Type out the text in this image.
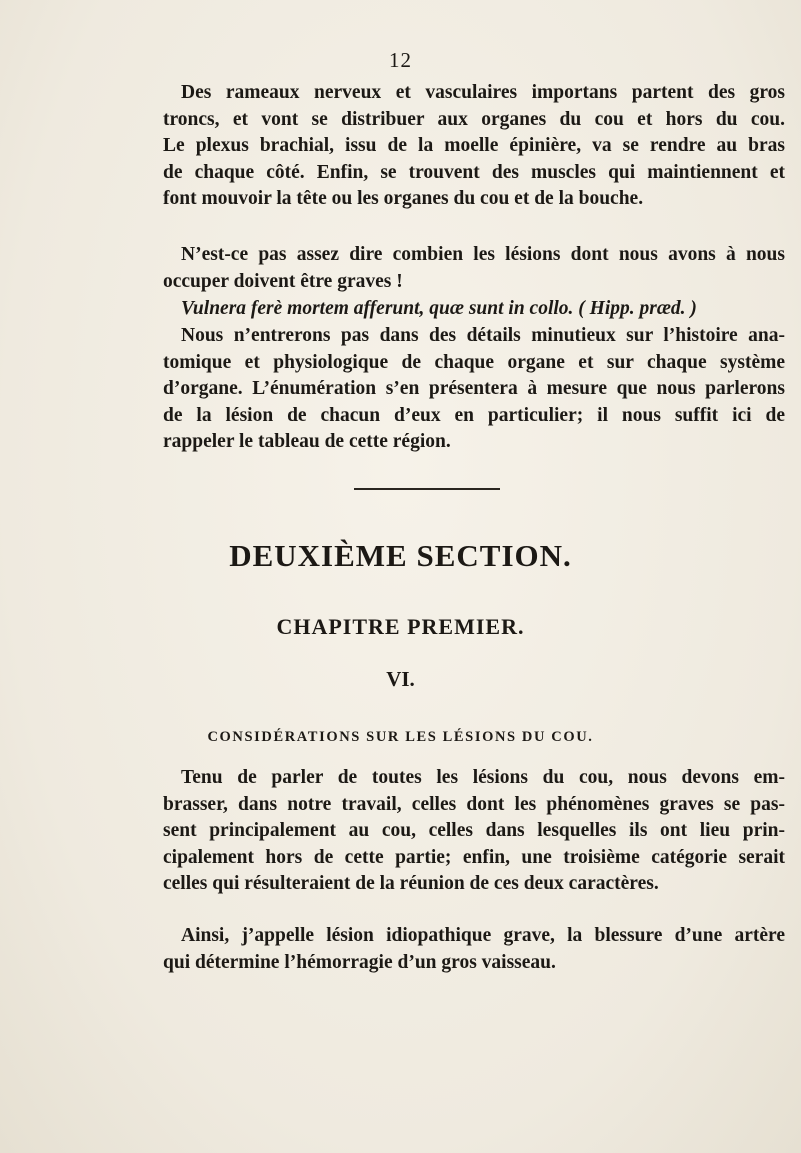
12
Des rameaux nerveux et vasculaires importans partent des gros
troncs, et vont se distribuer aux organes du cou et hors du cou.
Le plexus brachial, issu de la moelle épinière, va se rendre au bras
de chaque côté. Enfin, se trouvent des muscles qui maintiennent et
font mouvoir la tête ou les organes du cou et de la bouche.
N’est-ce pas assez dire combien les lésions dont nous avons à nous
occuper doivent être graves !
Vulnera ferè mortem afferunt, quæ sunt in collo. ( Hipp. præd. )
Nous n’entrerons pas dans des détails minutieux sur l’histoire ana-
tomique et physiologique de chaque organe et sur chaque système
d’organe. L’énumération s’en présentera à mesure que nous parlerons
de la lésion de chacun d’eux en particulier; il nous suffit ici de
rappeler le tableau de cette région.
DEUXIÈME SECTION.
CHAPITRE PREMIER.
VI.
CONSIDÉRATIONS SUR LES LÉSIONS DU COU.
Tenu de parler de toutes les lésions du cou, nous devons em-
brasser, dans notre travail, celles dont les phénomènes graves se pas-
sent principalement au cou, celles dans lesquelles ils ont lieu prin-
cipalement hors de cette partie; enfin, une troisième catégorie serait
celles qui résulteraient de la réunion de ces deux caractères.
Ainsi, j’appelle lésion idiopathique grave, la blessure d’une artère
qui détermine l’hémorragie d’un gros vaisseau.
